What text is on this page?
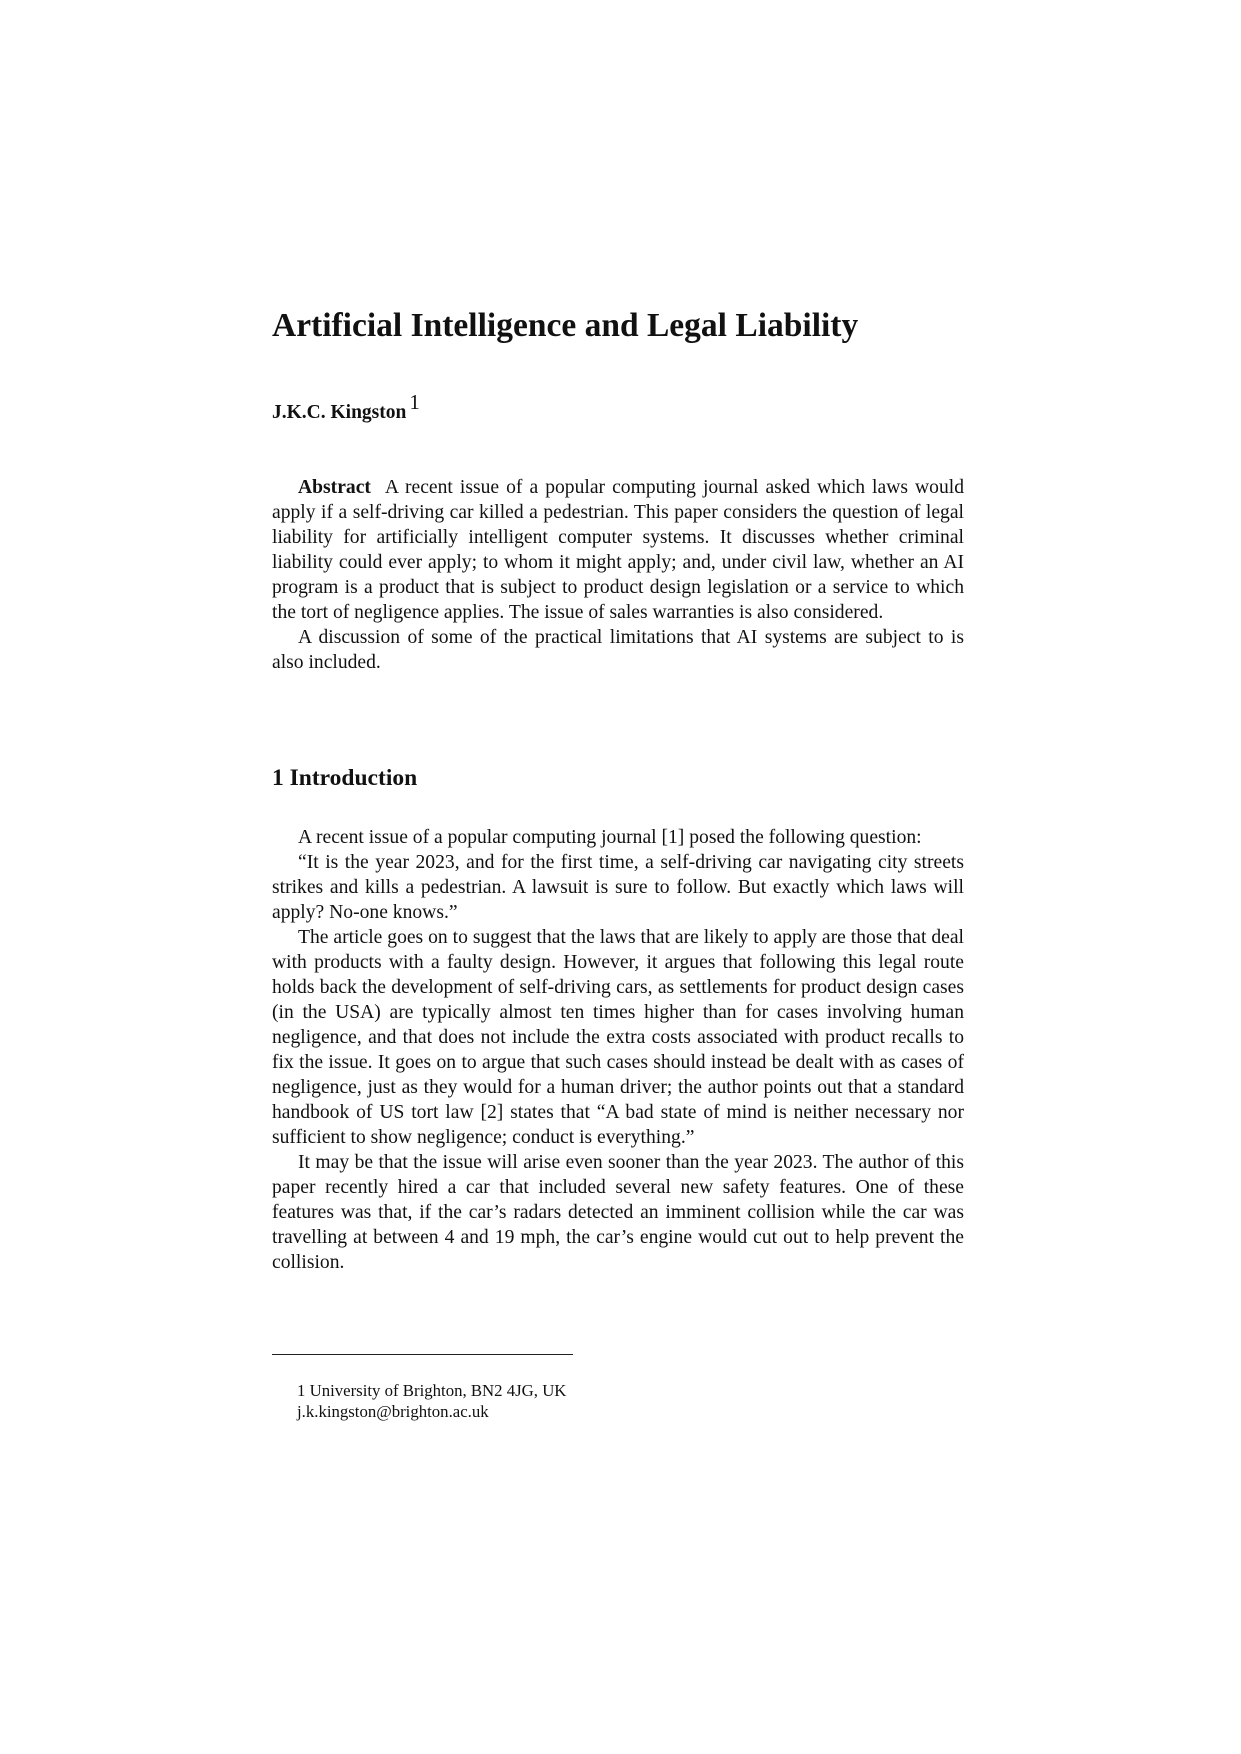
Artificial Intelligence and Legal Liability
J.K.C. Kingston $^1$

Abstract A recent issue of a popular computing journal asked which laws would apply if a self-driving car killed a pedestrian. This paper considers the question of legal liability for artificially intelligent computer systems. It discusses whether criminal liability could ever apply; to whom it might apply; and, under civil law, whether an AI program is a product that is subject to product design legislation or a service to which the tort of negligence applies. The issue of sales warranties is also considered.

A discussion of some of the practical limitations that AI systems are subject to is also included.

1 Introduction

A recent issue of a popular computing journal [1] posed the following question:

“It is the year 2023, and for the first time, a self-driving car navigating city streets strikes and kills a pedestrian. A lawsuit is sure to follow. But exactly which laws will apply? No-one knows.”

The article goes on to suggest that the laws that are likely to apply are those that deal with products with a faulty design. However, it argues that following this legal route holds back the development of self-driving cars, as settlements for product design cases (in the USA) are typically almost ten times higher than for cases involving human negligence, and that does not include the extra costs associated with product recalls to fix the issue. It goes on to argue that such cases should instead be dealt with as cases of negligence, just as they would for a human driver; the author points out that a standard handbook of US tort law [2] states that “A bad state of mind is neither necessary nor sufficient to show negligence; conduct is everything.”

It may be that the issue will arise even sooner than the year 2023. The author of this paper recently hired a car that included several new safety features. One of these features was that, if the car’s radars detected an imminent collision while the car was travelling at between 4 and 19 mph, the car’s engine would cut out to help prevent the collision.

1 University of Brighton, BN2 4JG, UK
j.k.kingston@brighton.ac.uk
